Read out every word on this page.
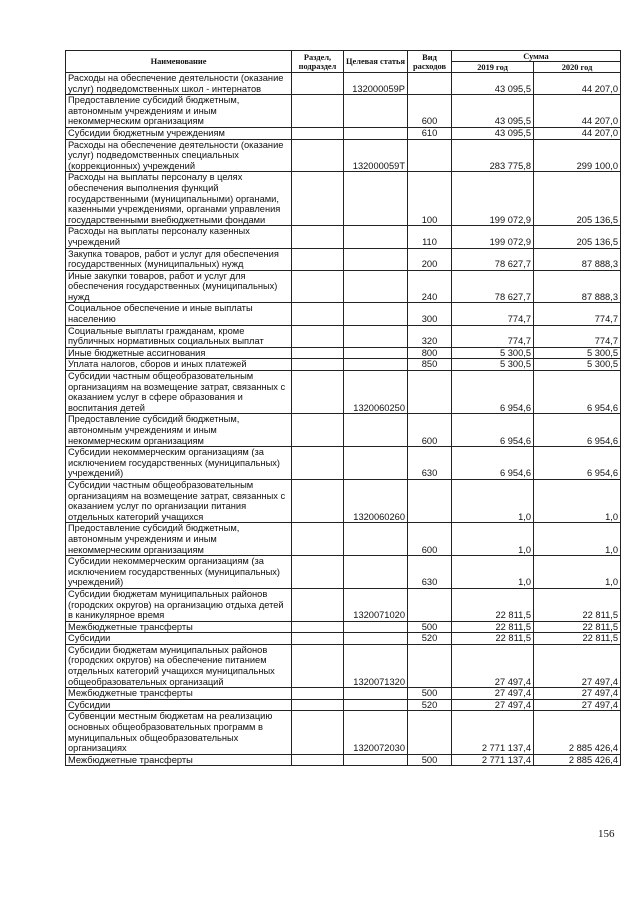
Наименование	Раздел, подраздел	Целевая статья	Вид расходов	Сумма	
				2019 год	2020 год
Расходы на обеспечение деятельности (оказание услуг) подведомственных школ - интернатов		132000059Р		43 095,5	44 207,0
Предоставление субсидий бюджетным, автономным учреждениям и иным некоммерческим организациям			600	43 095,5	44 207,0
Субсидии бюджетным учреждениям			610	43 095,5	44 207,0
Расходы на обеспечение деятельности (оказание услуг) подведомственных специальных (коррекционных) учреждений		132000059Т		283 775,8	299 100,0
Расходы на выплаты персоналу в целях обеспечения выполнения функций государственными (муниципальными) органами, казенными учреждениями, органами управления государственными внебюджетными фондами			100	199 072,9	205 136,5
Расходы на выплаты персоналу казенных учреждений			110	199 072,9	205 136,5
Закупка товаров, работ и услуг для обеспечения государственных (муниципальных) нужд			200	78 627,7	87 888,3
Иные закупки товаров, работ и услуг для обеспечения государственных (муниципальных) нужд			240	78 627,7	87 888,3
Социальное обеспечение и иные выплаты населению			300	774,7	774,7
Социальные выплаты гражданам, кроме публичных нормативных социальных выплат			320	774,7	774,7
Иные бюджетные ассигнования			800	5 300,5	5 300,5
Уплата налогов, сборов и иных платежей			850	5 300,5	5 300,5
Субсидии частным общеобразовательным организациям на возмещение затрат, связанных с оказанием услуг в сфере образования и воспитания детей		1320060250		6 954,6	6 954,6
Предоставление субсидий бюджетным, автономным учреждениям и иным некоммерческим организациям			600	6 954,6	6 954,6
Субсидии некоммерческим организациям (за исключением государственных (муниципальных) учреждений)			630	6 954,6	6 954,6
Субсидии частным общеобразовательным организациям на возмещение затрат, связанных с оказанием услуг по организации питания отдельных категорий учащихся		1320060260		1,0	1,0
Предоставление субсидий бюджетным, автономным учреждениям и иным некоммерческим организациям			600	1,0	1,0
Субсидии некоммерческим организациям (за исключением государственных (муниципальных) учреждений)			630	1,0	1,0
Субсидии бюджетам муниципальных районов (городских округов) на организацию отдыха детей в каникулярное время		1320071020		22 811,5	22 811,5
Межбюджетные трансферты			500	22 811,5	22 811,5
Субсидии			520	22 811,5	22 811,5
Субсидии бюджетам муниципальных районов (городских округов) на обеспечение питанием отдельных категорий учащихся муниципальных общеобразовательных организаций		1320071320		27 497,4	27 497,4
Межбюджетные трансферты			500	27 497,4	27 497,4
Субсидии			520	27 497,4	27 497,4
Субвенции местным бюджетам на реализацию основных общеобразовательных программ в муниципальных общеобразовательных организациях		1320072030		2 771 137,4	2 885 426,4
Межбюджетные трансферты			500	2 771 137,4	2 885 426,4
156
